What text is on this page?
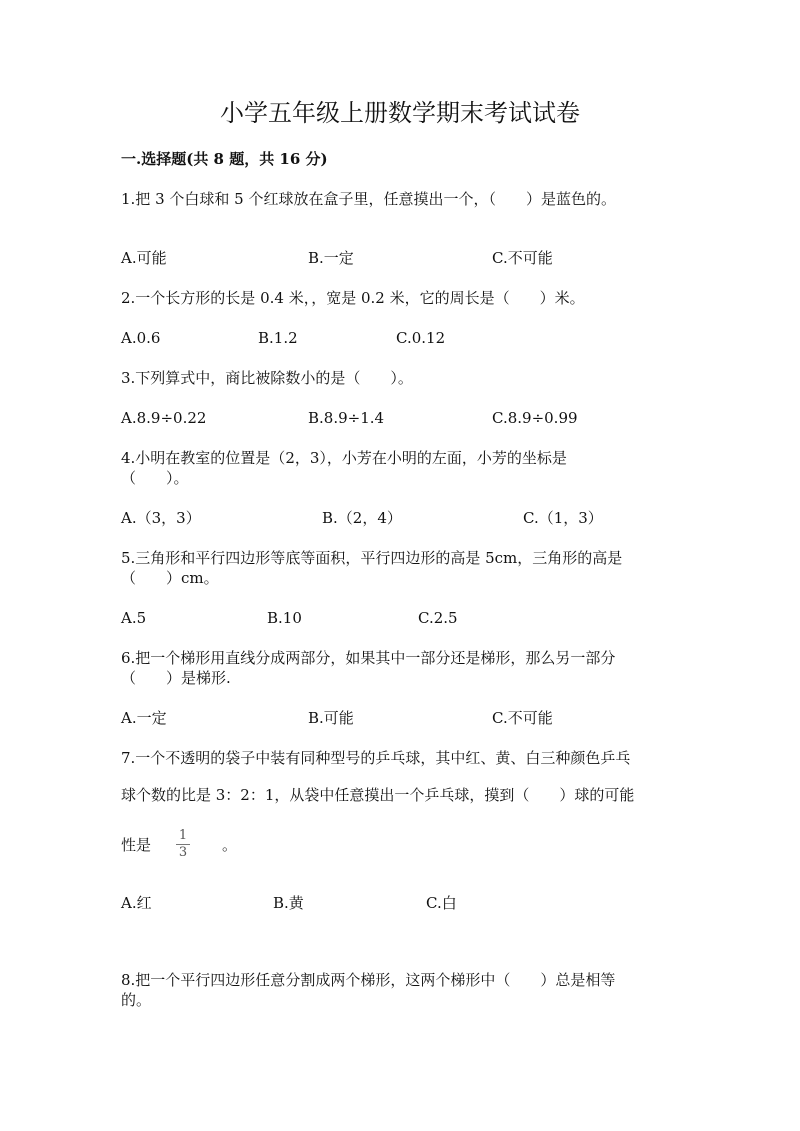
小学五年级上册数学期末考试试卷
一.选择题(共 8 题，共 16 分)
1.把 3 个白球和 5 个红球放在盒子里，任意摸出一个，（　　）是蓝色的。
A.可能	B.一定	C.不可能
2.一个长方形的长是 0.4 米，，宽是 0.2 米，它的周长是（　　）米。
A.0.6	B.1.2	C.0.12
3.下列算式中，商比被除数小的是（　　）。
A.8.9÷0.22	B.8.9÷1.4	C.8.9÷0.99
4.小明在教室的位置是（2，3），小芳在小明的左面，小芳的坐标是
（　　）。
A.（3，3）	B.（2，4）	C.（1，3）
5.三角形和平行四边形等底等面积，平行四边形的高是 5cm，三角形的高是
（　　）cm。
A.5	B.10	C.2.5
6.把一个梯形用直线分成两部分，如果其中一部分还是梯形，那么另一部分
（　　）是梯形.
A.一定	B.可能	C.不可能
7.一个不透明的袋子中装有同种型号的乒乓球，其中红、黄、白三种颜色乒乓
球个数的比是 3：2：1，从袋中任意摸出一个乒乓球，摸到（　　）球的可能
性是
1
3 。
A.红	B.黄	C.白
8.把一个平行四边形任意分割成两个梯形，这两个梯形中（　　）总是相等
的。
